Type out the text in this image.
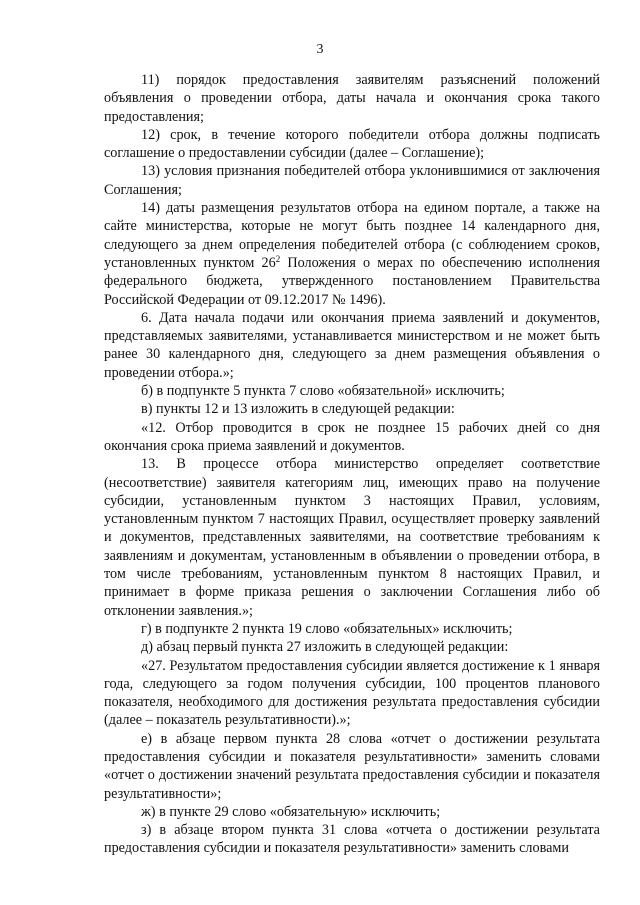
3

11) порядок предоставления заявителям разъяснений положений объявления о проведении отбора, даты начала и окончания срока такого предоставления;

12) срок, в течение которого победители отбора должны подписать соглашение о предоставлении субсидии (далее – Соглашение);

13) условия признания победителей отбора уклонившимися от заключения Соглашения;

14) даты размещения результатов отбора на едином портале, а также на сайте министерства, которые не могут быть позднее 14 календарного дня, следующего за днем определения победителей отбора (с соблюдением сроков, установленных пунктом $26^2$ Положения о мерах по обеспечению исполнения федерального бюджета, утвержденного постановлением Правительства Российской Федерации от 09.12.2017 № 1496).

6. Дата начала подачи или окончания приема заявлений и документов, представляемых заявителями, устанавливается министерством и не может быть ранее 30 календарного дня, следующего за днем размещения объявления о проведении отбора.»;

б) в подпункте 5 пункта 7 слово «обязательной» исключить;

в) пункты 12 и 13 изложить в следующей редакции:

«12. Отбор проводится в срок не позднее 15 рабочих дней со дня окончания срока приема заявлений и документов.

13. В процессе отбора министерство определяет соответствие (несоответствие) заявителя категориям лиц, имеющих право на получение субсидии, установленным пунктом 3 настоящих Правил, условиям, установленным пунктом 7 настоящих Правил, осуществляет проверку заявлений и документов, представленных заявителями, на соответствие требованиям к заявлениям и документам, установленным в объявлении о проведении отбора, в том числе требованиям, установленным пунктом 8 настоящих Правил, и принимает в форме приказа решения о заключении Соглашения либо об отклонении заявления.»;

г) в подпункте 2 пункта 19 слово «обязательных» исключить;

д) абзац первый пункта 27 изложить в следующей редакции:

«27. Результатом предоставления субсидии является достижение к 1 января года, следующего за годом получения субсидии, 100 процентов планового показателя, необходимого для достижения результата предоставления субсидии (далее – показатель результативности).»;

е) в абзаце первом пункта 28 слова «отчет о достижении результата предоставления субсидии и показателя результативности» заменить словами «отчет о достижении значений результата предоставления субсидии и показателя результативности»;

ж) в пункте 29 слово «обязательную» исключить;

з) в абзаце втором пункта 31 слова «отчета о достижении результата предоставления субсидии и показателя результативности» заменить словами
